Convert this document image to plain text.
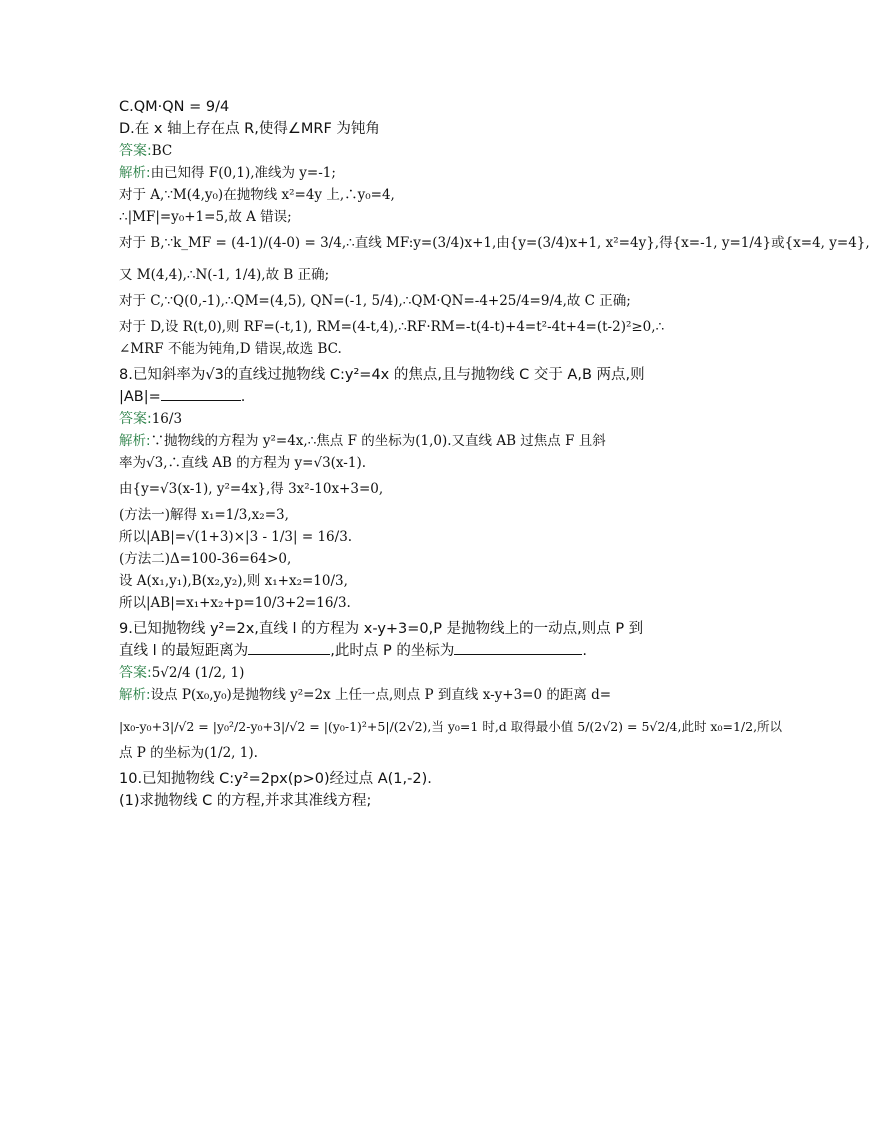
C.QM·QN = 9/4
D.在 x 轴上存在点 R,使得∠MRF 为钝角
答案:BC
解析:由已知得 F(0,1),准线为 y=-1;
对于 A,∵M(4,y₀)在抛物线 x²=4y 上,∴y₀=4,
∴|MF|=y₀+1=5,故 A 错误;
对于 B,∵k_MF = (4-1)/(4-0) = 3/4,∴直线 MF:y=(3/4)x+1,由{y=(3/4)x+1, x²=4y},得{x=-1, y=1/4}或{x=4, y=4},
又 M(4,4),∴N(-1, 1/4),故 B 正确;
对于 C,∵Q(0,-1),∴QM=(4,5), QN=(-1, 5/4),∴QM·QN=-4+25/4=9/4,故 C 正确;
对于 D,设 R(t,0),则 RF=(-t,1), RM=(4-t,4),∴RF·RM=-t(4-t)+4=t²-4t+4=(t-2)²≥0,∴
∠MRF 不能为钝角,D 错误,故选 BC.
8.已知斜率为√3的直线过抛物线 C:y²=4x 的焦点,且与抛物线 C 交于 A,B 两点,则
|AB|=	.
答案:16/3
解析:∵抛物线的方程为 y²=4x,∴焦点 F 的坐标为(1,0).又直线 AB 过焦点 F 且斜
率为√3,∴直线 AB 的方程为 y=√3(x-1).
由{y=√3(x-1), y²=4x},得 3x²-10x+3=0,
(方法一)解得 x₁=1/3,x₂=3,
所以|AB|=√(1+3)×|3 - 1/3| = 16/3.
(方法二)Δ=100-36=64>0,
设 A(x₁,y₁),B(x₂,y₂),则 x₁+x₂=10/3,
所以|AB|=x₁+x₂+p=10/3+2=16/3.
9.已知抛物线 y²=2x,直线 l 的方程为 x-y+3=0,P 是抛物线上的一动点,则点 P 到
直线 l 的最短距离为	,此时点 P 的坐标为	.
答案:5√2/4 (1/2, 1)
解析:设点 P(x₀,y₀)是抛物线 y²=2x 上任一点,则点 P 到直线 x-y+3=0 的距离 d=
|x₀-y₀+3|/√2 = |y₀²/2-y₀+3|/√2 = |(y₀-1)²+5|/(2√2),当 y₀=1 时,d 取得最小值 5/(2√2) = 5√2/4,此时 x₀=1/2,所以
点 P 的坐标为(1/2, 1).
10.已知抛物线 C:y²=2px(p>0)经过点 A(1,-2).
(1)求抛物线 C 的方程,并求其准线方程;
